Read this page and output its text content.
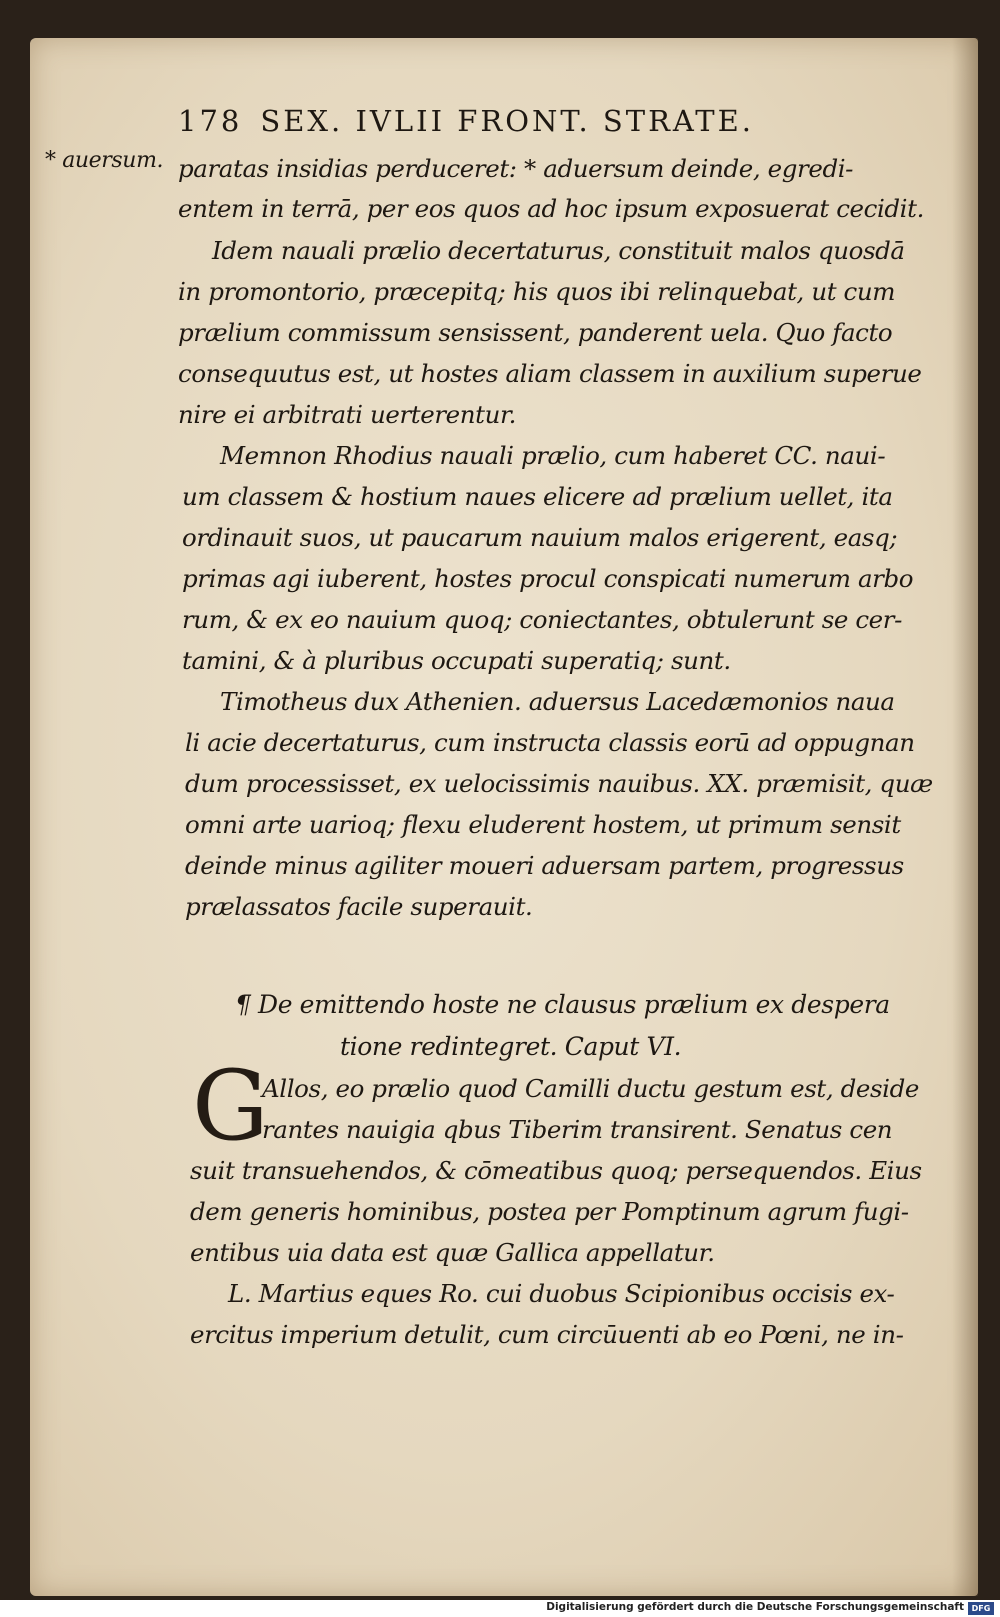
178 SEX. IVLII FRONT. STRATE.
* auersum. paratas insidias perduceret: * aduersum deinde, egredi-
entem in terrā, per eos quos ad hoc ipsum exposuerat cecidit.
Idem nauali prælio decertaturus, constituit malos quosdā
in promontorio, præcepitq; his quos ibi relinquebat, ut cum
prælium commissum sensissent, panderent uela. Quo facto
consequutus est, ut hostes aliam classem in auxilium superue
nire ei arbitrati uerterentur.
Memnon Rhodius nauali prælio, cum haberet CC. naui-
um classem & hostium naues elicere ad prælium uellet, ita
ordinauit suos, ut paucarum nauium malos erigerent, easq;
primas agi iuberent, hostes procul conspicati numerum arbo
rum, & ex eo nauium quoq; coniectantes, obtulerunt se cer-
tamini, & à pluribus occupati superatiq; sunt.
Timotheus dux Athenien. aduersus Lacedæmonios naua
li acie decertaturus, cum instructa classis eorū ad oppugnan
dum processisset, ex uelocissimis nauibus. XX. præmisit, quæ
omni arte uarioq; flexu eluderent hostem, ut primum sensit
deinde minus agiliter moueri aduersam partem, progressus
prælassatos facile superauit.
¶ De emittendo hoste ne clausus prælium ex despera
tione redintegret. Caput VI.
G
Allos, eo prælio quod Camilli ductu gestum est, deside
rantes nauigia qbus Tiberim transirent. Senatus cen
suit transuehendos, & cōmeatibus quoq; persequendos. Eius
dem generis hominibus, postea per Pomptinum agrum fugi-
entibus uia data est quæ Gallica appellatur.
L. Martius eques Ro. cui duobus Scipionibus occisis ex-
ercitus imperium detulit, cum circūuenti ab eo Pœni, ne in-
Digitalisierung gefördert durch die Deutsche Forschungsgemeinschaft DFG
